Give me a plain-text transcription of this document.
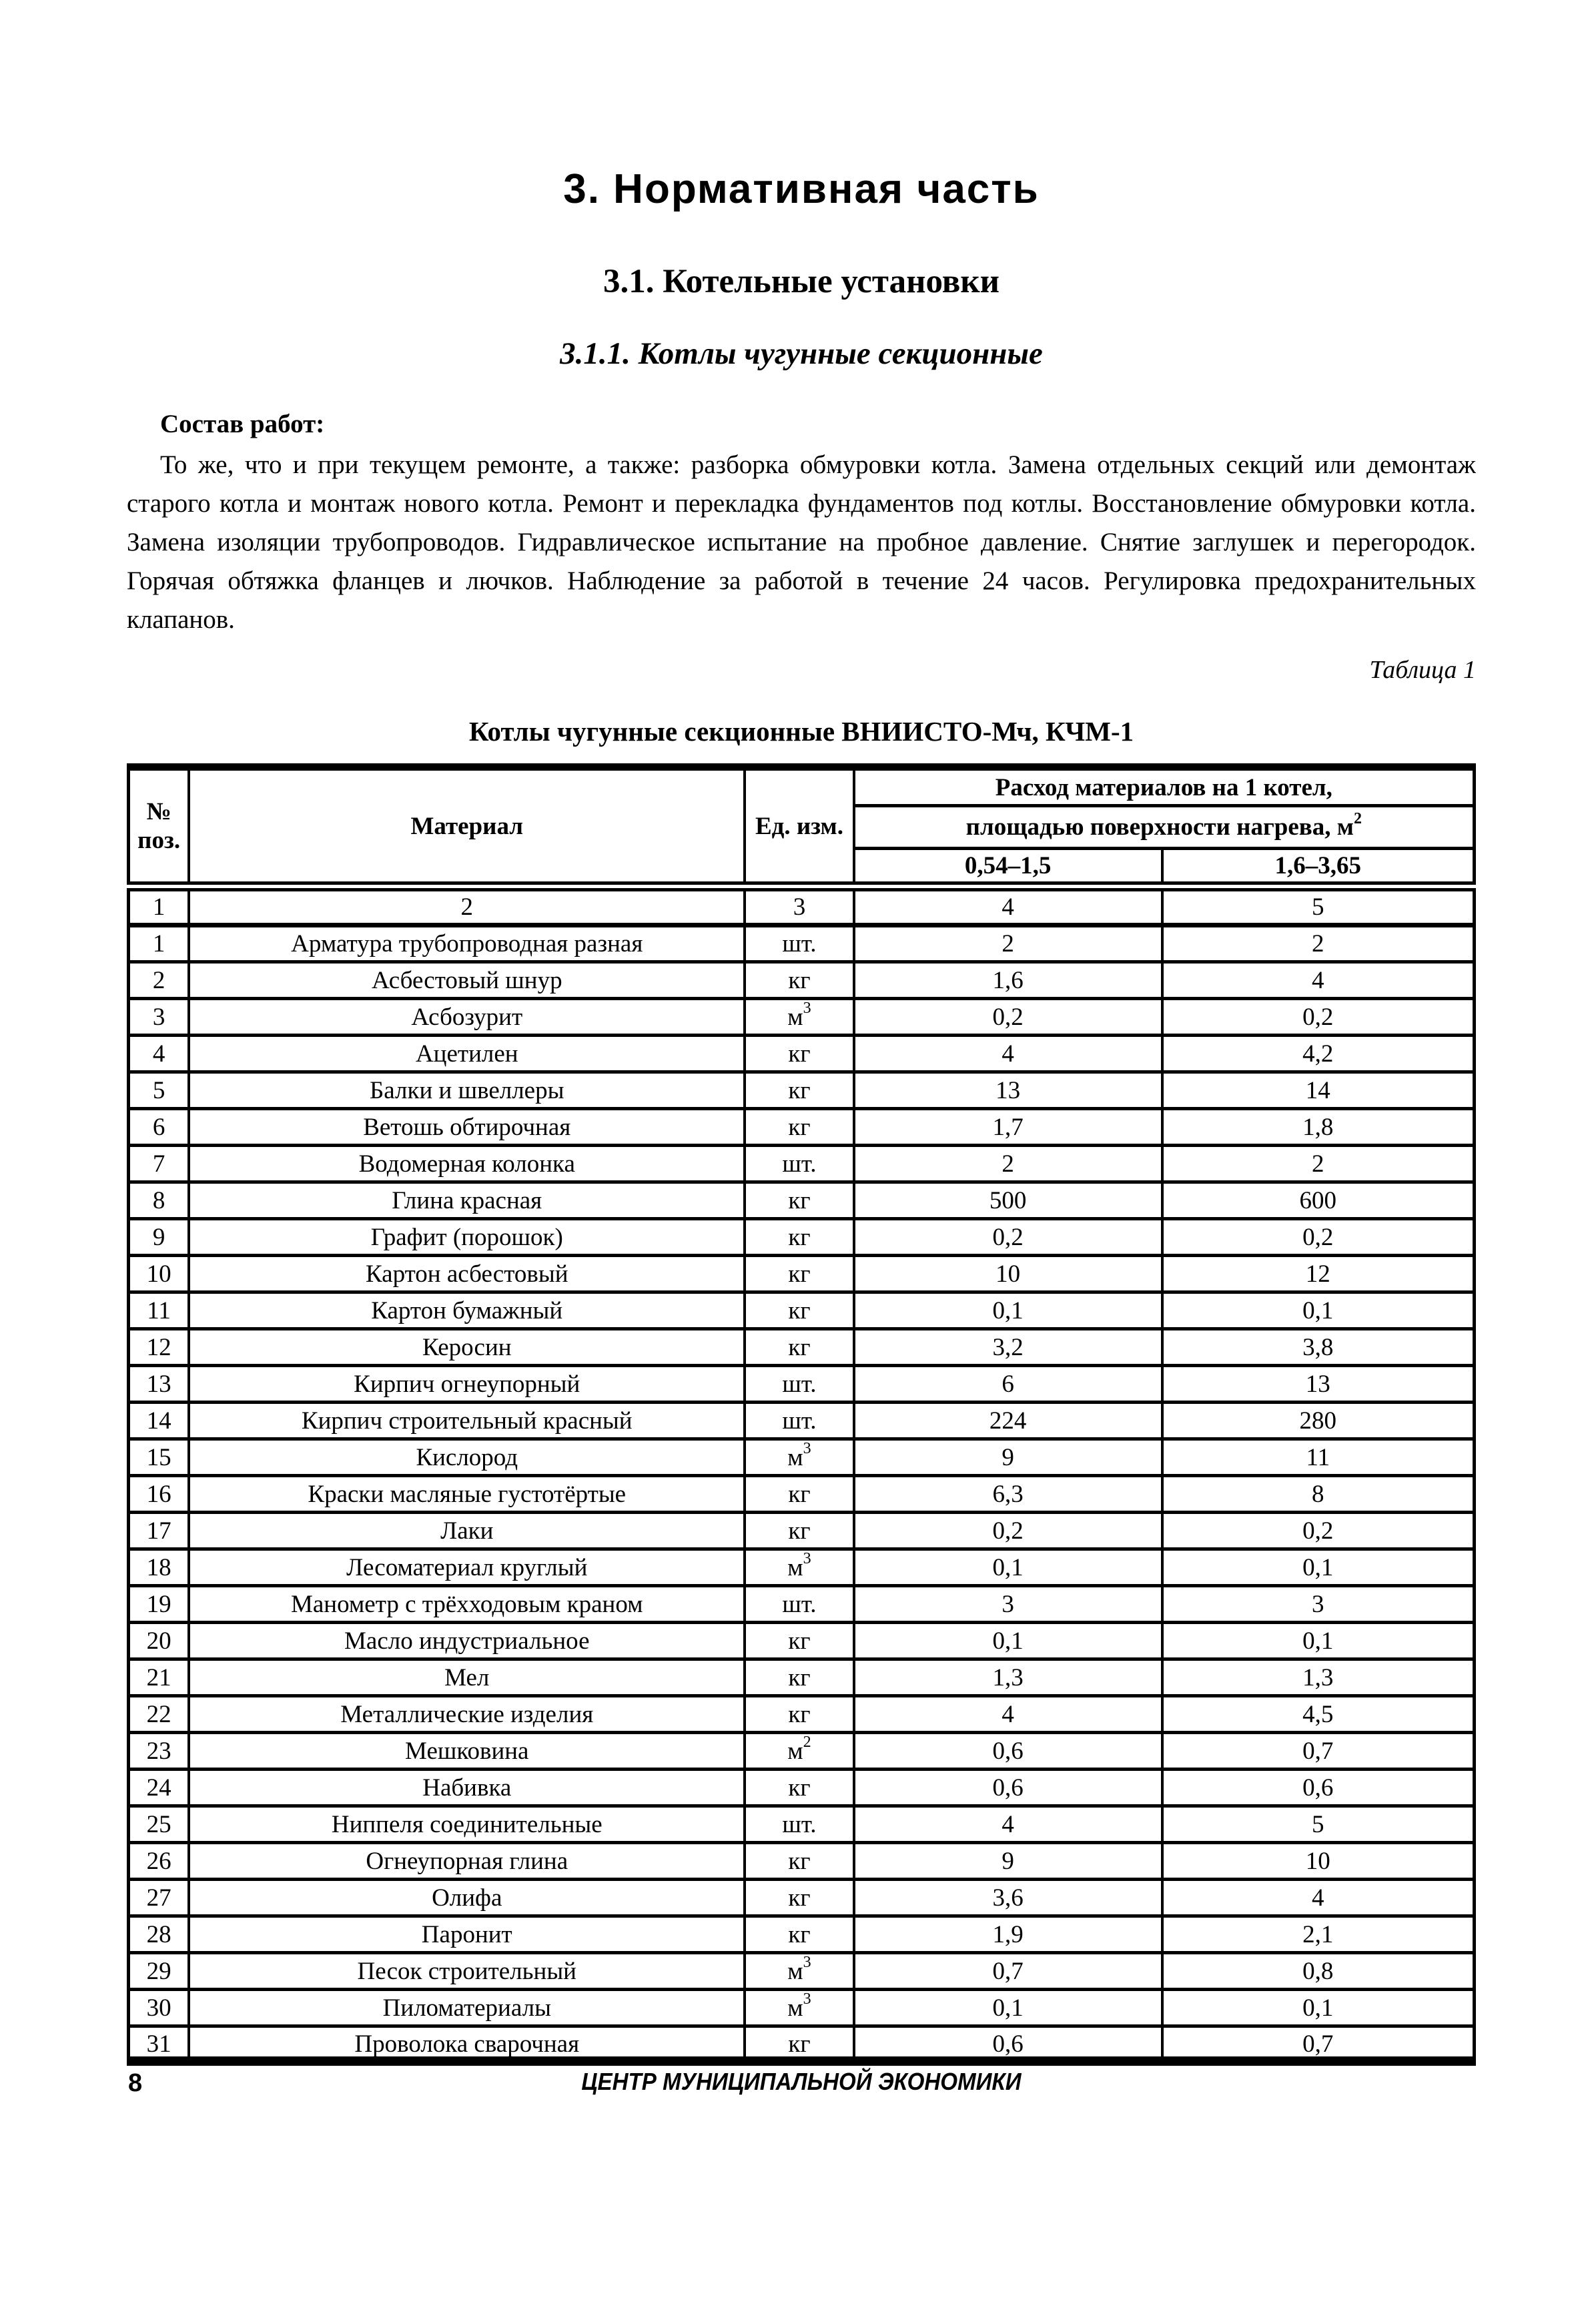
3. Нормативная часть
3.1. Котельные установки
3.1.1. Котлы чугунные секционные

Состав работ:

То же, что и при текущем ремонте, а также: разборка обмуровки котла. Замена отдельных секций или демонтаж старого котла и монтаж нового котла. Ремонт и перекладка фундаментов под котлы. Восстановление обмуровки котла. Замена изоляции трубопроводов. Гидравлическое испытание на пробное давление. Снятие заглушек и перегородок. Горячая обтяжка фланцев и лючков. Наблюдение за работой в течение 24 часов. Регулировка предохранительных клапанов.

Таблица 1
Котлы чугунные секционные ВНИИСТО-Мч, КЧМ-1
№ поз.	Материал	Ед. изм.	Расход материалов на 1 котел,	
			площадью поверхности нагрева, $м^2$
			0,54–1,5	1,6–3,65
1	2	3	4	5
1	Арматура трубопроводная разная	шт.	2	2
2	Асбестовый шнур	кг	1,6	4
3	Асбозурит	$м^3$	0,2	0,2
4	Ацетилен	кг	4	4,2
5	Балки и швеллеры	кг	13	14
6	Ветошь обтирочная	кг	1,7	1,8
7	Водомерная колонка	шт.	2	2
8	Глина красная	кг	500	600
9	Графит (порошок)	кг	0,2	0,2
10	Картон асбестовый	кг	10	12
11	Картон бумажный	кг	0,1	0,1
12	Керосин	кг	3,2	3,8
13	Кирпич огнеупорный	шт.	6	13
14	Кирпич строительный красный	шт.	224	280
15	Кислород	$м^3$	9	11
16	Краски масляные густотёртые	кг	6,3	8
17	Лаки	кг	0,2	0,2
18	Лесоматериал круглый	$м^3$	0,1	0,1
19	Манометр с трёхходовым краном	шт.	3	3
20	Масло индустриальное	кг	0,1	0,1
21	Мел	кг	1,3	1,3
22	Металлические изделия	кг	4	4,5
23	Мешковина	$м^2$	0,6	0,7
24	Набивка	кг	0,6	0,6
25	Ниппеля соединительные	шт.	4	5
26	Огнеупорная глина	кг	9	10
27	Олифа	кг	3,6	4
28	Паронит	кг	1,9	2,1
29	Песок строительный	$м^3$	0,7	0,8
30	Пиломатериалы	$м^3$	0,1	0,1
31	Проволока сварочная	кг	0,6	0,7
8	ЦЕНТР МУНИЦИПАЛЬНОЙ ЭКОНОМИКИ
